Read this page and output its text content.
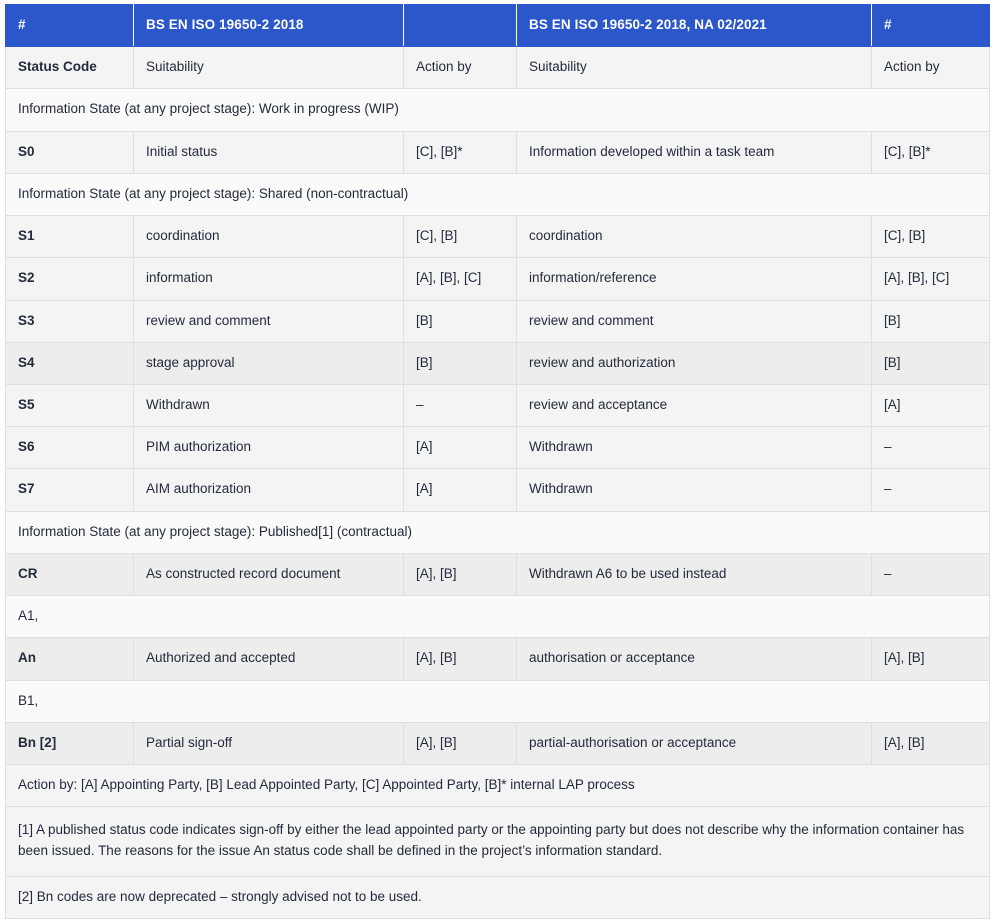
#	BS EN ISO 19650-2 2018		BS EN ISO 19650-2 2018, NA 02/2021	#
Status Code	Suitability	Action by	Suitability	Action by
Information State (at any project stage): Work in progress (WIP)				
S0	Initial status	[C], [B]*	Information developed within a task team	[C], [B]*
Information State (at any project stage): Shared (non-contractual)				
S1	coordination	[C], [B]	coordination	[C], [B]
S2	information	[A], [B], [C]	information/reference	[A], [B], [C]
S3	review and comment	[B]	review and comment	[B]
S4	stage approval	[B]	review and authorization	[B]
S5	Withdrawn	–	review and acceptance	[A]
S6	PIM authorization	[A]	Withdrawn	–
S7	AIM authorization	[A]	Withdrawn	–
Information State (at any project stage): Published[1] (contractual)				
CR	As constructed record document	[A], [B]	Withdrawn A6 to be used instead	–
A1,				
An	Authorized and accepted	[A], [B]	authorisation or acceptance	[A], [B]
B1,				
Bn [2]	Partial sign-off	[A], [B]	partial-authorisation or acceptance	[A], [B]
Action by: [A] Appointing Party, [B] Lead Appointed Party, [C] Appointed Party, [B]* internal LAP process				
[1] A published status code indicates sign-off by either the lead appointed party or the appointing party but does not describe why the information container has been issued. The reasons for the issue An status code shall be defined in the project’s information standard.				
[2] Bn codes are now deprecated – strongly advised not to be used.				
